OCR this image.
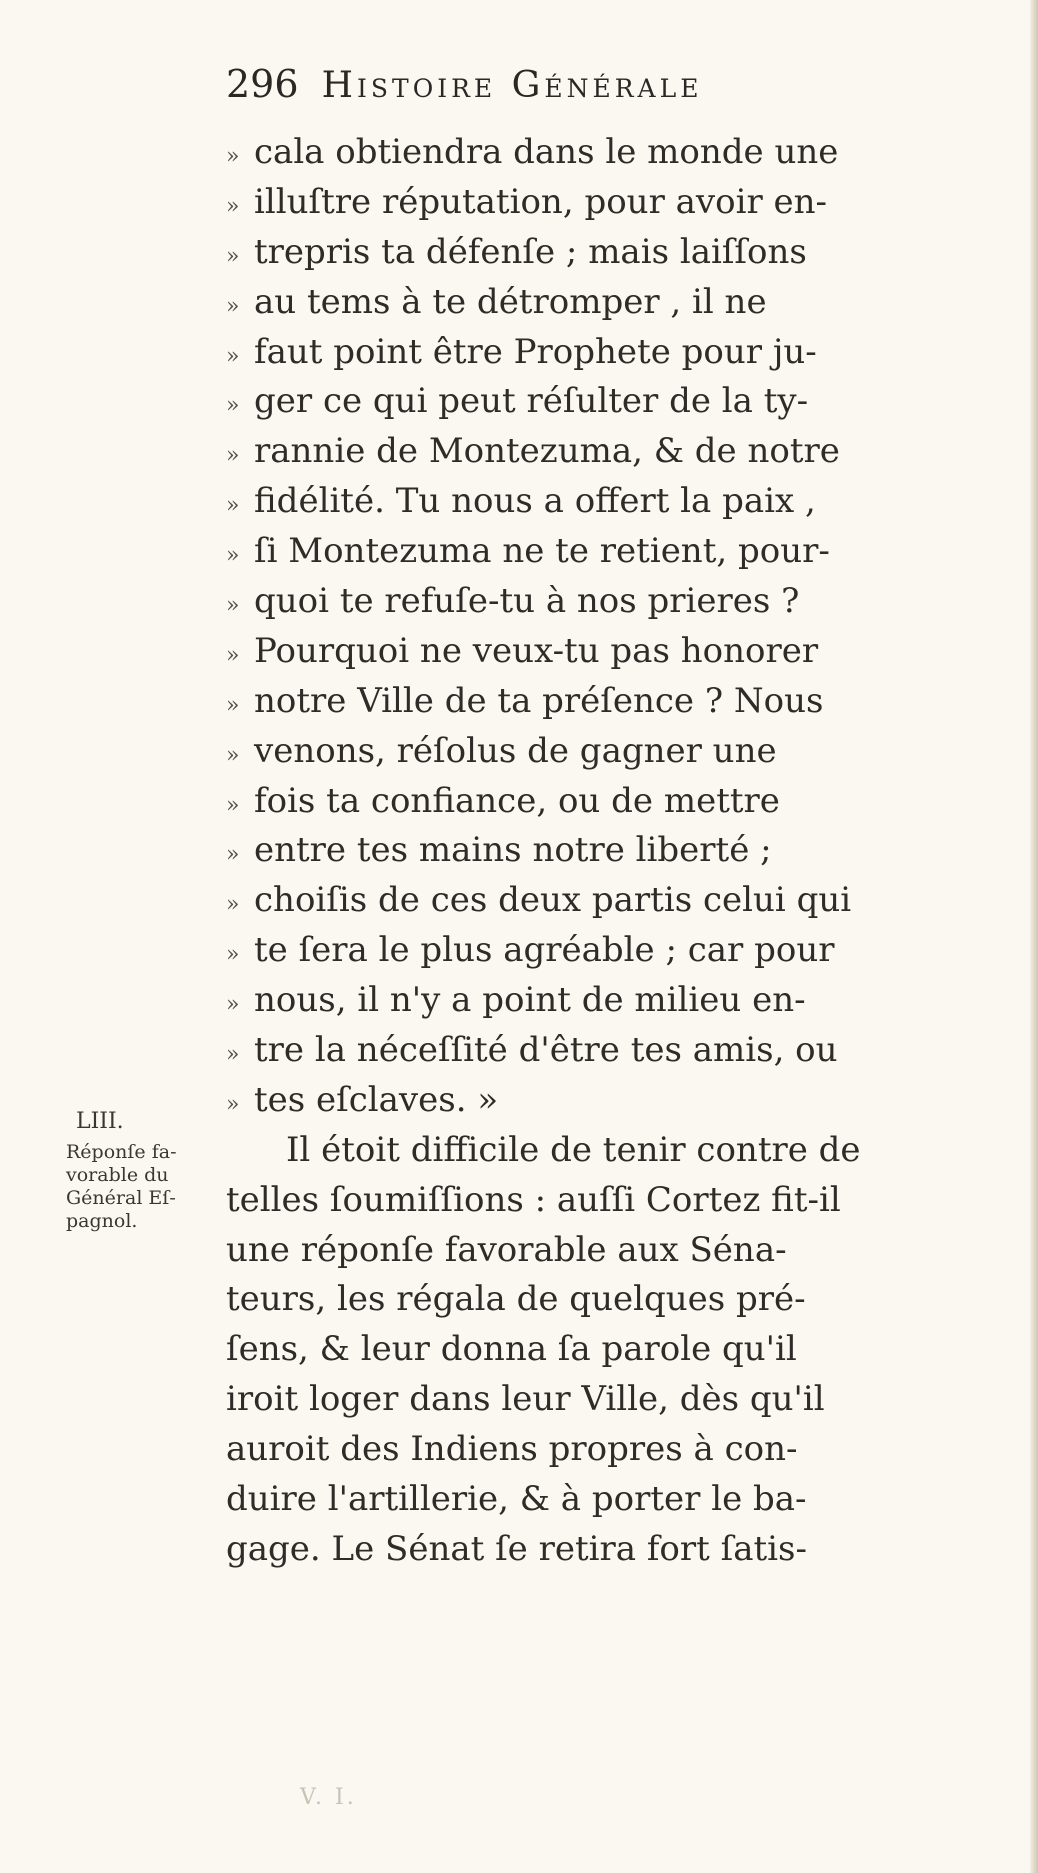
296 Histoire Générale
» cala obtiendra dans le monde une
» illuſtre réputation, pour avoir en-
» trepris ta défenſe ; mais laiſſons
» au tems à te détromper , il ne
» faut point être Prophete pour ju-
» ger ce qui peut réſulter de la ty-
» rannie de Montezuma, & de notre
» fidélité. Tu nous a offert la paix ,
» ſi Montezuma ne te retient, pour-
» quoi te refuſe-tu à nos prieres ?
» Pourquoi ne veux-tu pas honorer
» notre Ville de ta préſence ? Nous
» venons, réſolus de gagner une
» fois ta confiance, ou de mettre
» entre tes mains notre liberté ;
» choiſis de ces deux partis celui qui
» te ſera le plus agréable ; car pour
» nous, il n'y a point de milieu en-
» tre la néceſſité d'être tes amis, ou
» tes eſclaves. »
Il étoit difficile de tenir contre de
telles ſoumiſſions : auſſi Cortez fit-il
une réponſe favorable aux Séna-
teurs, les régala de quelques pré-
ſens, & leur donna ſa parole qu'il
iroit loger dans leur Ville, dès qu'il
auroit des Indiens propres à con-
duire l'artillerie, & à porter le ba-
gage. Le Sénat ſe retira fort ſatis-
LIII.
Réponſe fa-
vorable du
Général Eſ-
pagnol.
V. I.
